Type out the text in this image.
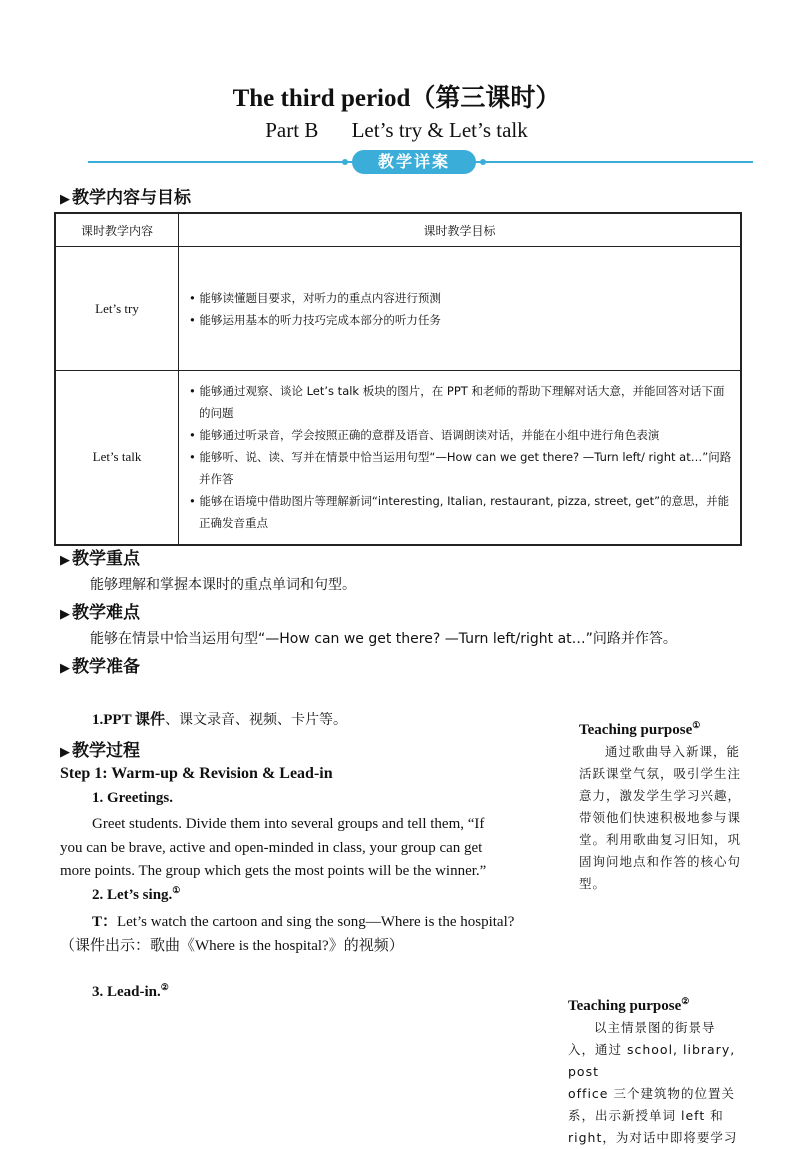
The third period（第三课时）
Part B Let’s try & Let’s talk
教学详案
▶ 教学内容与目标
课时教学内容	课时教学目标
Let’s try	• 能够读懂题目要求，对听力的重点内容进行预测
• 能够运用基本的听力技巧完成本部分的听力任务

Let’s talk	• 能够通过观察、谈论 Let’s talk 板块的图片，在 PPT 和老师的帮助下理解对话大意，并能回答对话下面的问题
• 能够通过听录音，学会按照正确的意群及语音、语调朗读对话，并能在小组中进行角色表演
• 能够听、说、读、写并在情景中恰当运用句型“—How can we get there? —Turn left/ right at…”问路并作答
• 能够在语境中借助图片等理解新词“interesting, Italian, restaurant, pizza, street, get”的意思，并能正确发音重点
▶ 教学重点
能够理解和掌握本课时的重点单词和句型。
▶ 教学难点
能够在情景中恰当运用句型“—How can we get there? —Turn left/right at…”问路并作答。
▶ 教学准备
1.PPT 课件、课文录音、视频、卡片等。
▶ 教学过程
Step 1: Warm-up & Revision & Lead-in
1. Greetings.
Greet students. Divide them into several groups and tell them, “If
you can be brave, active and open-minded in class, your group can get
more points. The group which gets the most points will be the winner.”
2. Let’s sing.①
T：Let’s watch the cartoon and sing the song—Where is the hospital?
（课件出示：歌曲《Where is the hospital?》的视频）
3. Lead-in.②
Teaching purpose①
通过歌曲导入新课，能
活跃课堂气氛，吸引学生注
意力，激发学生学习兴趣，
带领他们快速积极地参与课
堂。利用歌曲复习旧知，巩
固询问地点和作答的核心句
型。
Teaching purpose②
以主情景图的街景导
入，通过 school, library, post
office 三个建筑物的位置关
系，出示新授单词 left 和
right，为对话中即将要学习
